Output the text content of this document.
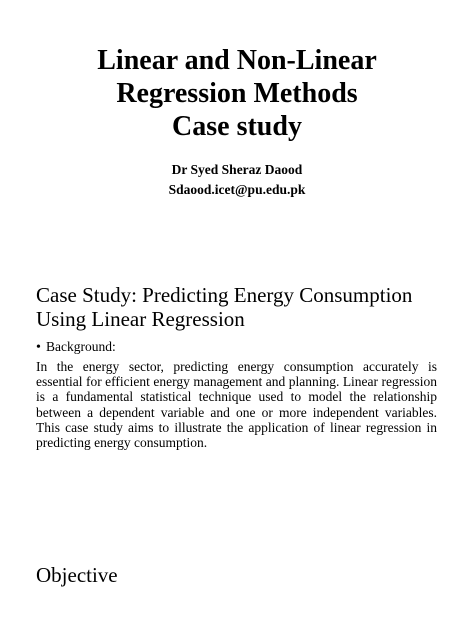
Linear and Non-Linear
Regression Methods
Case study
Dr Syed Sheraz Daood
Sdaood.icet@pu.edu.pk
Case Study: Predicting Energy Consumption
Using Linear Regression
• Background:
In the energy sector, predicting energy consumption accurately is essential for efficient energy management and planning. Linear regression is a fundamental statistical technique used to model the relationship between a dependent variable and one or more independent variables. This case study aims to illustrate the application of linear regression in predicting energy consumption.
Objective
